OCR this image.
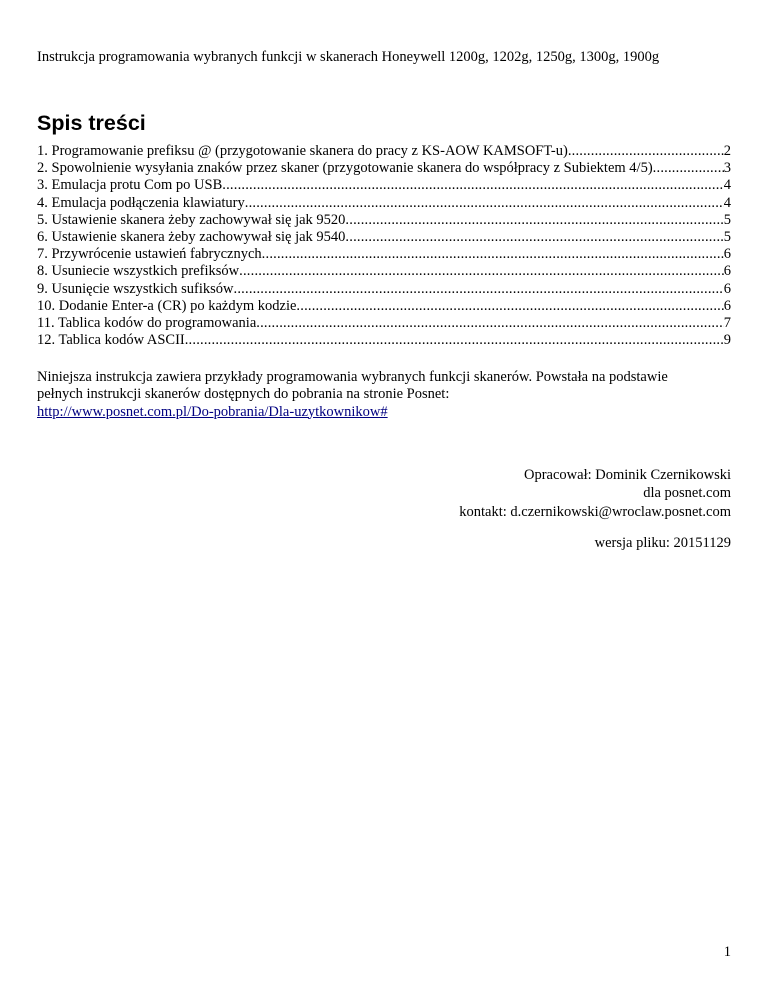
Instrukcja programowania wybranych funkcji w skanerach Honeywell 1200g, 1202g, 1250g, 1300g, 1900g
Spis treści
1. Programowanie prefiksu @ (przygotowanie skanera do pracy z KS-AOW KAMSOFT-u) .....	2
2. Spowolnienie wysyłania znaków przez skaner (przygotowanie skanera do współpracy z Subiektem 4/5) .....	3
3. Emulacja protu Com po USB .....	4
4. Emulacja podłączenia klawiatury .....	4
5. Ustawienie skanera żeby zachowywał się jak 9520 .....	5
6. Ustawienie skanera żeby zachowywał się jak 9540 .....	5
7. Przywrócenie ustawień fabrycznych .....	6
8. Usuniecie wszystkich prefiksów .....	6
9. Usunięcie wszystkich sufiksów .....	6
10. Dodanie Enter-a (CR) po każdym kodzie .....	6
11. Tablica kodów do programowania .....	7
12. Tablica kodów ASCII .....	9

Niniejsza instrukcja zawiera przykłady programowania wybranych funkcji skanerów. Powstała na podstawie
pełnych instrukcji skanerów dostępnych do pobrania na stronie Posnet:
http://www.posnet.com.pl/Do-pobrania/Dla-uzytkownikow#

Opracował: Dominik Czernikowski
dla posnet.com
kontakt: d.czernikowski@wroclaw.posnet.com
wersja pliku: 20151129
1
